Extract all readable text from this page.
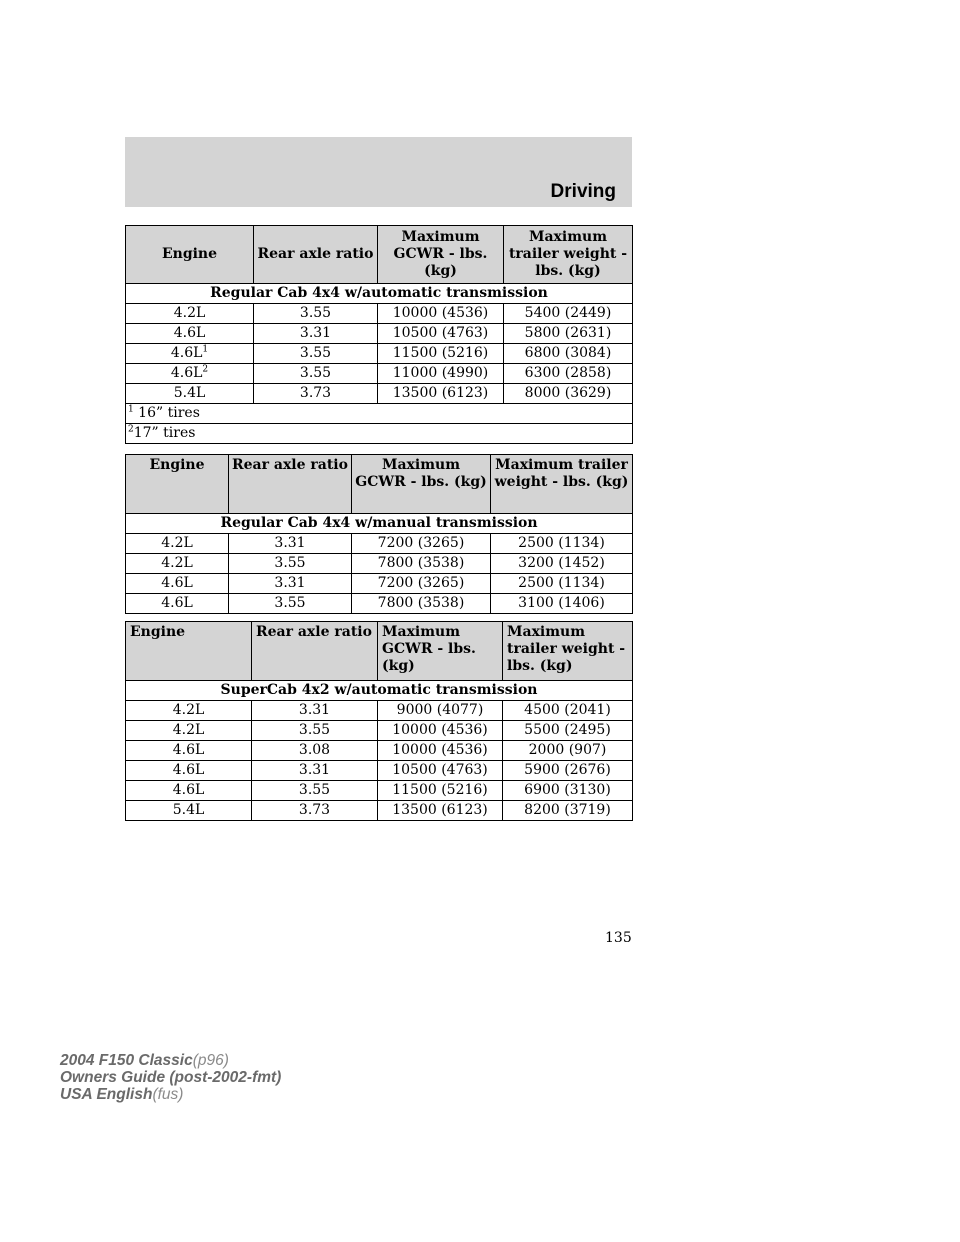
Driving
Engine	Rear axle ratio	Maximum GCWR - lbs. (kg)	Maximum trailer weight - lbs. (kg)
Regular Cab 4x4 w/automatic transmission			
4.2L	3.55	10000 (4536)	5400 (2449)
4.6L	3.31	10500 (4763)	5800 (2631)
$4.6L^1$	3.55	11500 (5216)	6800 (3084)
$4.6L^2$	3.55	11000 (4990)	6300 (2858)
5.4L	3.73	13500 (6123)	8000 (3629)
$^1$ 16” tires			
$^2$17” tires			
Engine	Rear axle ratio	Maximum GCWR - lbs. (kg)	Maximum trailer weight - lbs. (kg)
Regular Cab 4x4 w/manual transmission			
4.2L	3.31	7200 (3265)	2500 (1134)
4.2L	3.55	7800 (3538)	3200 (1452)
4.6L	3.31	7200 (3265)	2500 (1134)
4.6L	3.55	7800 (3538)	3100 (1406)
Engine	Rear axle ratio	Maximum GCWR - lbs. (kg)	Maximum trailer weight - lbs. (kg)
SuperCab 4x2 w/automatic transmission			
4.2L	3.31	9000 (4077)	4500 (2041)
4.2L	3.55	10000 (4536)	5500 (2495)
4.6L	3.08	10000 (4536)	2000 (907)
4.6L	3.31	10500 (4763)	5900 (2676)
4.6L	3.55	11500 (5216)	6900 (3130)
5.4L	3.73	13500 (6123)	8200 (3719)
135
2004 F150 Classic(p96)
Owners Guide (post-2002-fmt)
USA English(fus)
